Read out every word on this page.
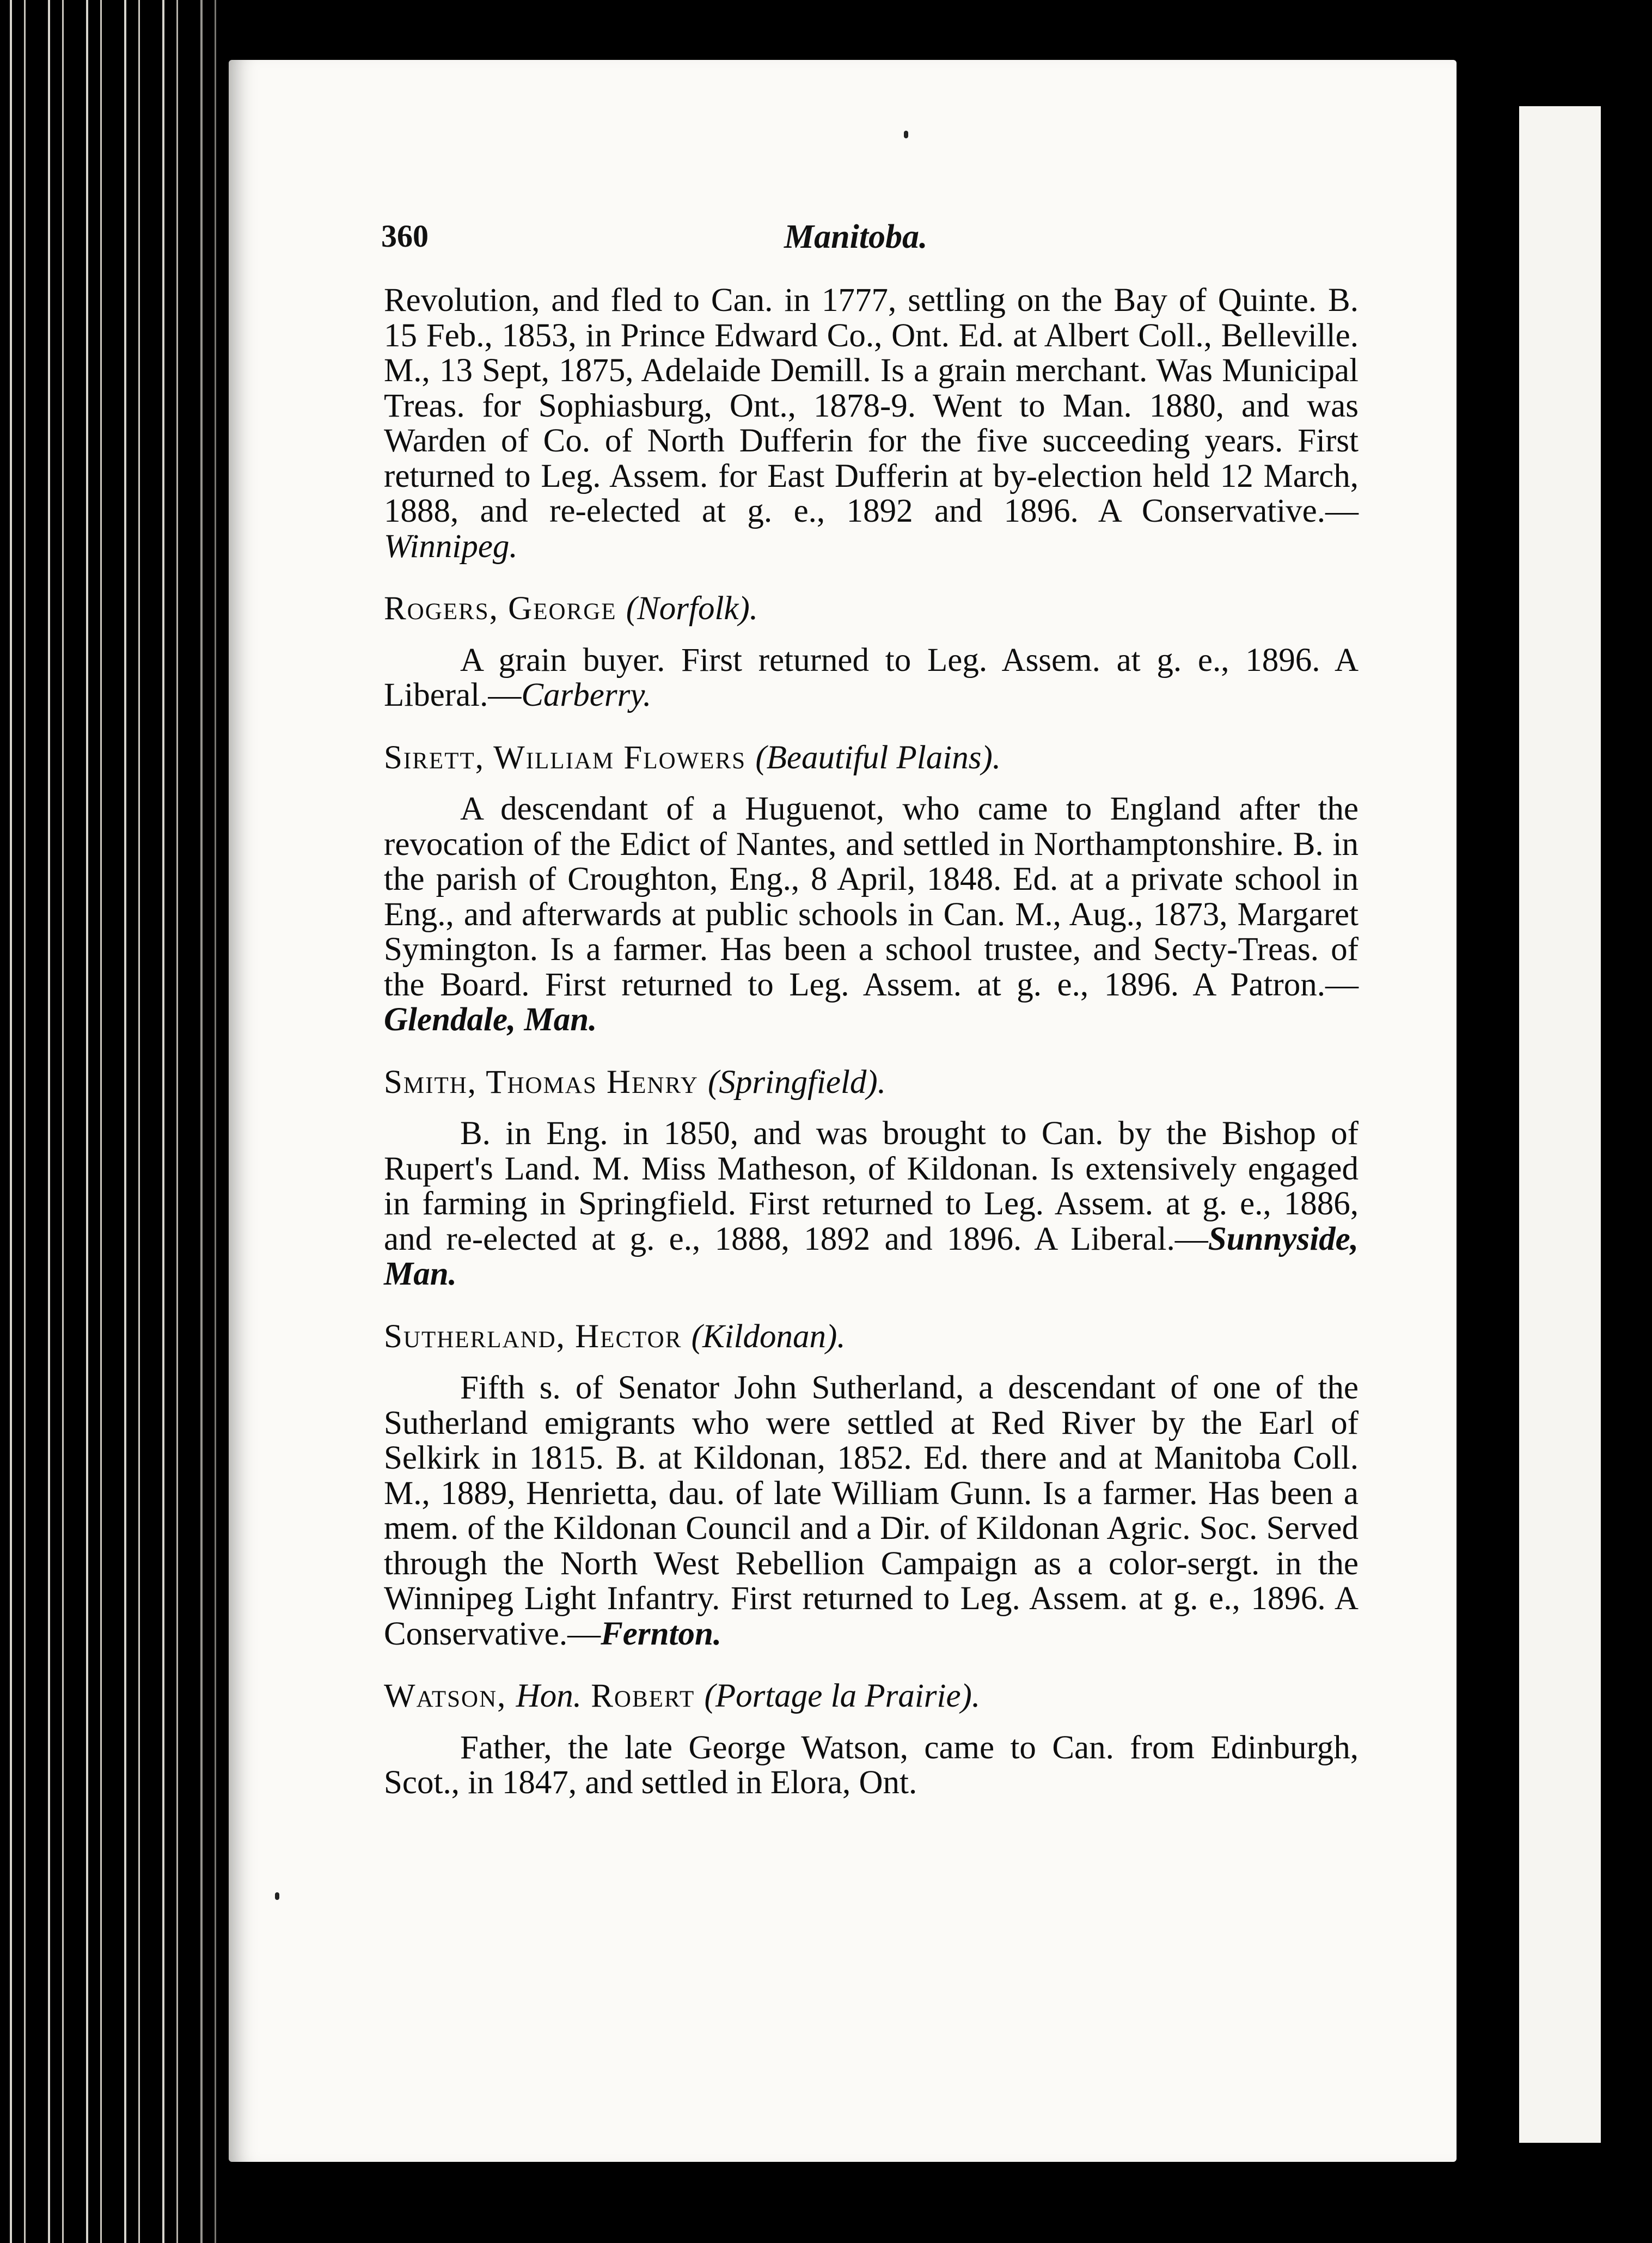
360	Manitoba.

Revolution, and fled to Can. in 1777, settling on the Bay of Quinte. B. 15 Feb., 1853, in Prince Edward Co., Ont. Ed. at Albert Coll., Belleville. M., 13 Sept, 1875, Adelaide Demill. Is a grain merchant. Was Municipal Treas. for Sophiasburg, Ont., 1878-9. Went to Man. 1880, and was Warden of Co. of North Dufferin for the five succeeding years. First returned to Leg. Assem. for East Dufferin at by-election held 12 March, 1888, and re-elected at g. e., 1892 and 1896. A Conservative.—Winnipeg.

Rogers, George (Norfolk).

A grain buyer. First returned to Leg. Assem. at g. e., 1896. A Liberal.—Carberry.

Sirett, William Flowers (Beautiful Plains).

A descendant of a Huguenot, who came to England after the revocation of the Edict of Nantes, and settled in Northamptonshire. B. in the parish of Croughton, Eng., 8 April, 1848. Ed. at a private school in Eng., and afterwards at public schools in Can. M., Aug., 1873, Margaret Symington. Is a farmer. Has been a school trustee, and Secty-Treas. of the Board. First returned to Leg. Assem. at g. e., 1896. A Patron.—Glendale, Man.

Smith, Thomas Henry (Springfield).

B. in Eng. in 1850, and was brought to Can. by the Bishop of Rupert's Land. M. Miss Matheson, of Kildonan. Is extensively engaged in farming in Springfield. First returned to Leg. Assem. at g. e., 1886, and re-elected at g. e., 1888, 1892 and 1896. A Liberal.—Sunnyside, Man.

Sutherland, Hector (Kildonan).

Fifth s. of Senator John Sutherland, a descendant of one of the Sutherland emigrants who were settled at Red River by the Earl of Selkirk in 1815. B. at Kildonan, 1852. Ed. there and at Manitoba Coll. M., 1889, Henrietta, dau. of late William Gunn. Is a farmer. Has been a mem. of the Kildonan Council and a Dir. of Kildonan Agric. Soc. Served through the North West Rebellion Campaign as a color-sergt. in the Winnipeg Light Infantry. First returned to Leg. Assem. at g. e., 1896. A Conservative.—Fernton.

Watson, Hon. Robert (Portage la Prairie).

Father, the late George Watson, came to Can. from Edinburgh, Scot., in 1847, and settled in Elora, Ont.
